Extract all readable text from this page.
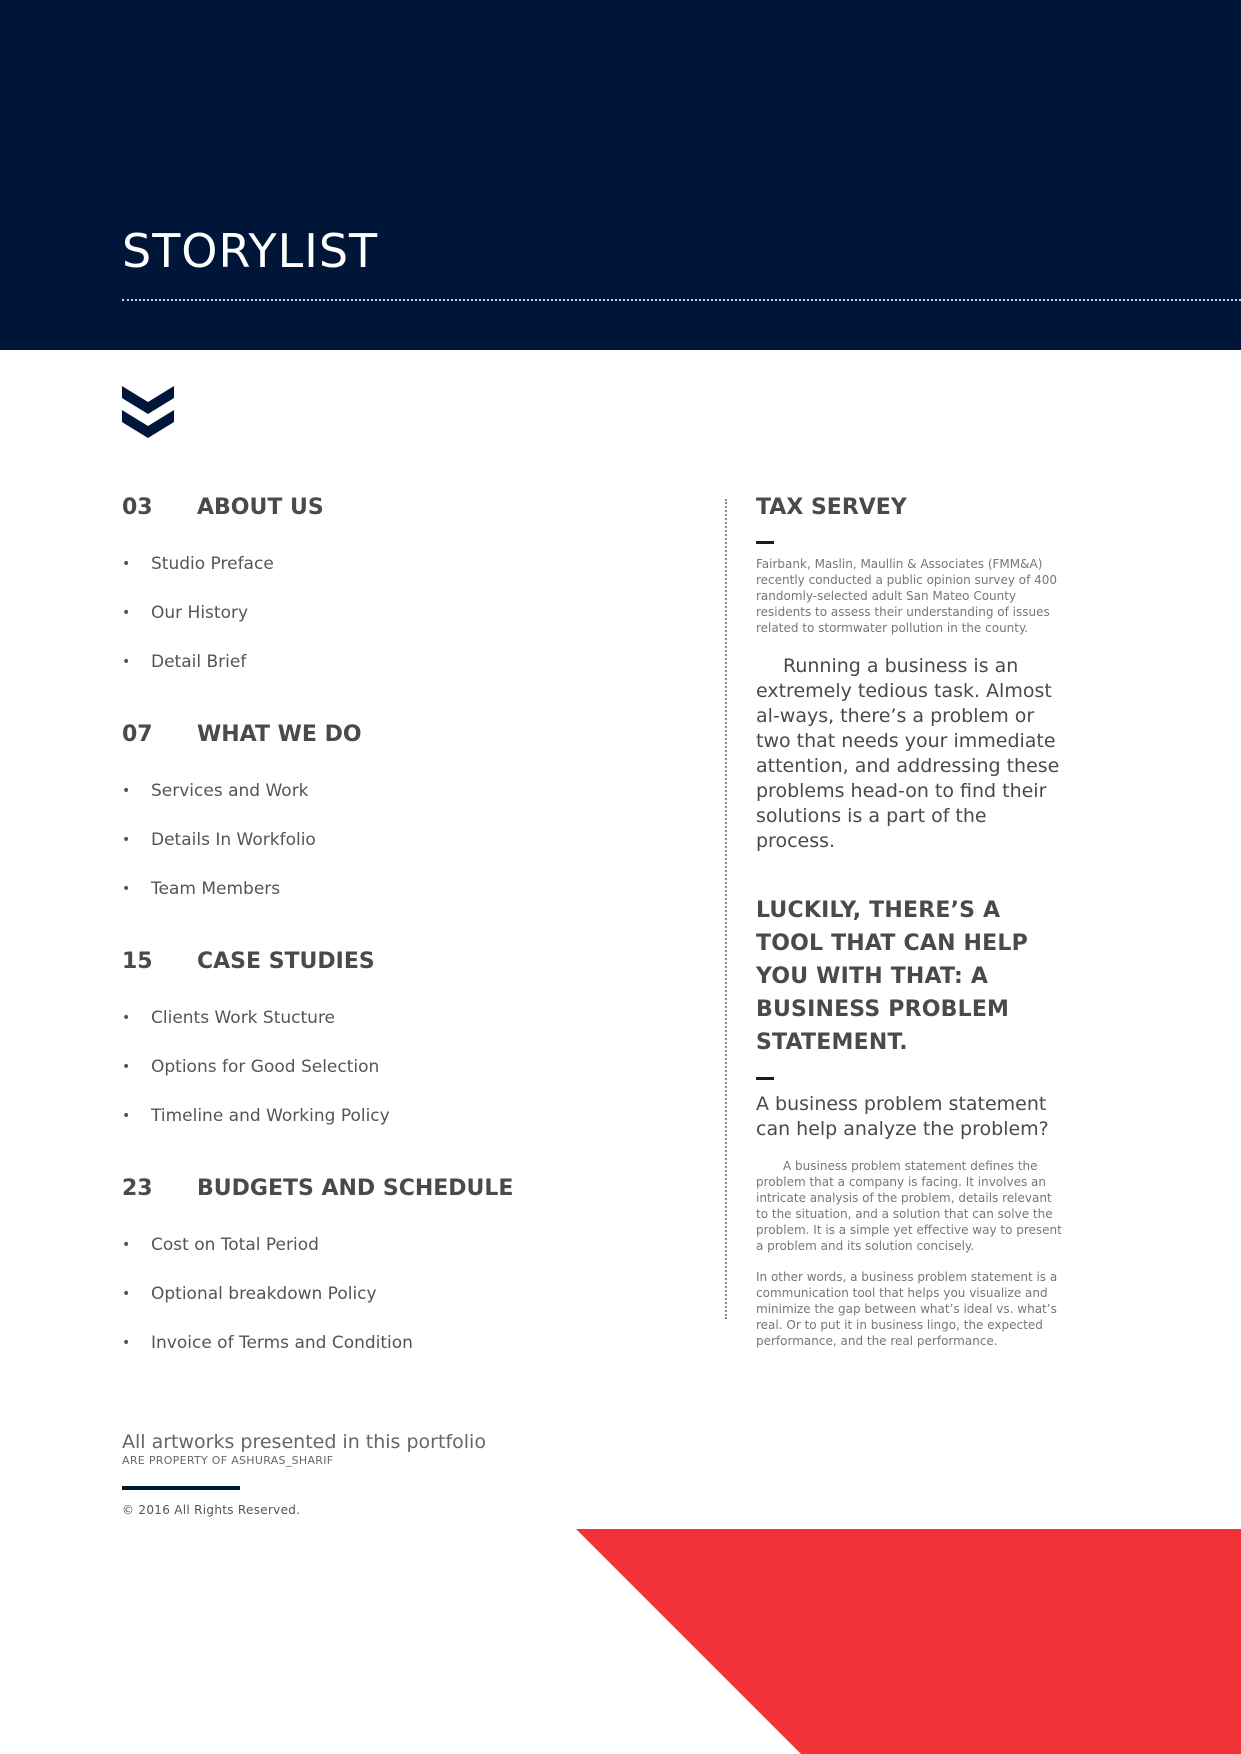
STORYLIST
03	ABOUT US
•	Studio Preface
•	Our History
•	Detail Brief
07	WHAT WE DO
•	Services and Work
•	Details In Workfolio
•	Team Members
15	CASE STUDIES
•	Clients Work Stucture
•	Options for Good Selection
•	Timeline and Working Policy
23	BUDGETS AND SCHEDULE
•	Cost on Total Period
•	Optional breakdown Policy
•	Invoice of Terms and Condition
TAX SERVEY

Fairbank, Maslin, Maullin & Associates (FMM&A) recently conducted a public opinion survey of 400 randomly-selected adult San Mateo County residents to assess their understanding of issues related to stormwater pollution in the county.

Running a business is an extremely tedious task. Almost al-ways, there’s a problem or two that needs your immediate attention, and addressing these problems head-on to find their solutions is a part of the process.

LUCKILY, THERE’S A TOOL THAT CAN HELP YOU WITH THAT: A BUSINESS PROBLEM STATEMENT.

A business problem statement can help analyze the problem?

A business problem statement defines the problem that a company is facing. It involves an intricate analysis of the problem, details relevant to the situation, and a solution that can solve the problem. It is a simple yet effective way to present a problem and its solution concisely.

In other words, a business problem statement is a communication tool that helps you visualize and minimize the gap between what’s ideal vs. what’s real. Or to put it in business lingo, the expected performance, and the real performance.

All artworks presented in this portfolio

ARE PROPERTY OF ASHURAS_SHARIF

© 2016 All Rights Reserved.
